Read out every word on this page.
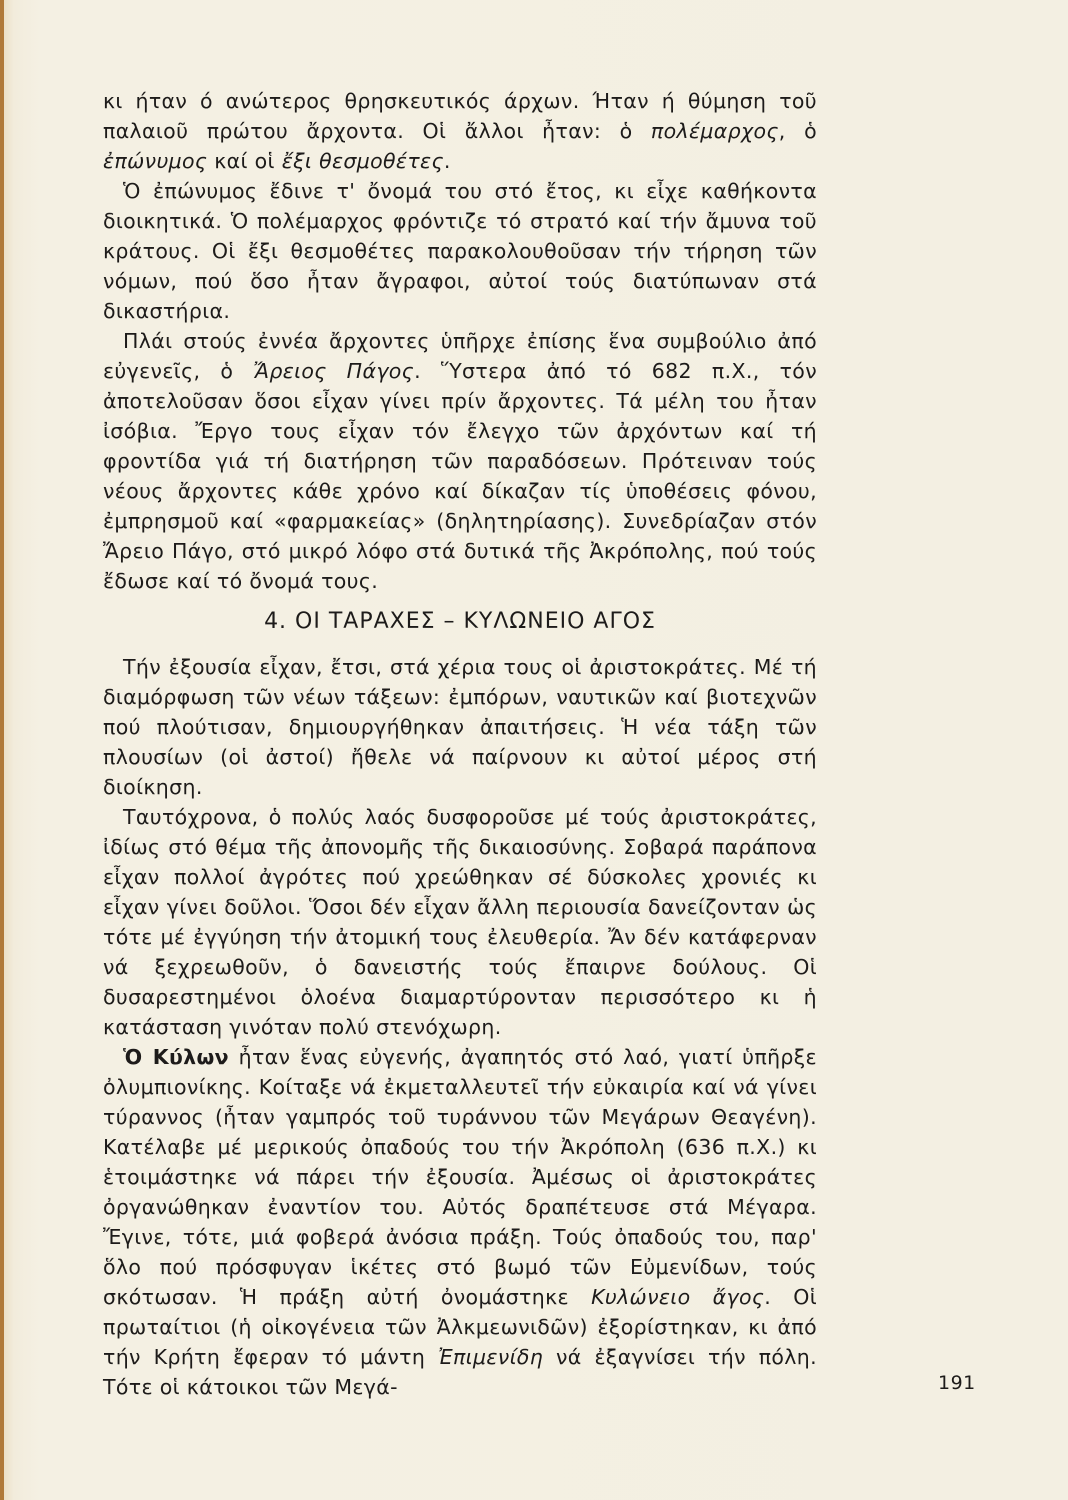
κι ήταν ό ανώτερος θρησκευτικός άρχων. Ήταν ή θύμηση τοῦ παλαιοῦ πρώτου ἄρχοντα. Οἱ ἄλλοι ἦταν: ὁ πολέμαρχος, ὁ ἐπώνυμος καί οἱ ἔξι θεσμοθέτες.

Ὁ ἐπώνυμος ἔδινε τ' ὄνομά του στό ἔτος, κι εἶχε καθήκοντα διοικητικά. Ὁ πολέμαρχος φρόντιζε τό στρατό καί τήν ἄμυνα τοῦ κράτους. Οἱ ἔξι θεσμοθέτες παρακολουθοῦσαν τήν τήρηση τῶν νόμων, πού ὅσο ἦταν ἄγραφοι, αὐτοί τούς διατύπωναν στά δικαστήρια.

Πλάι στούς ἐννέα ἄρχοντες ὑπῆρχε ἐπίσης ἕνα συμβούλιο ἀπό εὐγενεῖς, ὁ Ἄρειος Πάγος. Ὕστερα ἀπό τό 682 π.Χ., τόν ἀποτελοῦσαν ὅσοι εἶχαν γίνει πρίν ἄρχοντες. Τά μέλη του ἦταν ἰσόβια. Ἔργο τους εἶχαν τόν ἔλεγχο τῶν ἀρχόντων καί τή φροντίδα γιά τή διατήρηση τῶν παραδόσεων. Πρότειναν τούς νέους ἄρχοντες κάθε χρόνο καί δίκαζαν τίς ὑποθέσεις φόνου, ἐμπρησμοῦ καί «φαρμακείας» (δηλητηρίασης). Συνεδρίαζαν στόν Ἄρειο Πάγο, στό μικρό λόφο στά δυτικά τῆς Ἀκρόπολης, πού τούς ἔδωσε καί τό ὄνομά τους.

4. ΟΙ ΤΑΡΑΧΕΣ – ΚΥΛΩΝΕΙΟ ΑΓΟΣ

Τήν ἐξουσία εἶχαν, ἔτσι, στά χέρια τους οἱ ἀριστοκράτες. Μέ τή διαμόρφωση τῶν νέων τάξεων: ἐμπόρων, ναυτικῶν καί βιοτεχνῶν πού πλούτισαν, δημιουργήθηκαν ἀπαιτήσεις. Ἡ νέα τάξη τῶν πλουσίων (οἱ ἀστοί) ἤθελε νά παίρνουν κι αὐτοί μέρος στή διοίκηση.

Ταυτόχρονα, ὁ πολύς λαός δυσφοροῦσε μέ τούς ἀριστοκράτες, ἰδίως στό θέμα τῆς ἀπονομῆς τῆς δικαιοσύνης. Σοβαρά παράπονα εἶχαν πολλοί ἀγρότες πού χρεώθηκαν σέ δύσκολες χρονιές κι εἶχαν γίνει δοῦλοι. Ὅσοι δέν εἶχαν ἄλλη περιουσία δανείζονταν ὡς τότε μέ ἐγγύηση τήν ἀτομική τους ἐλευθερία. Ἄν δέν κατάφερναν νά ξεχρεωθοῦν, ὁ δανειστής τούς ἔπαιρνε δούλους. Οἱ δυσαρεστημένοι ὁλοένα διαμαρτύρονταν περισσότερο κι ἡ κατάσταση γινόταν πολύ στενόχωρη.

Ὁ Κύλων ἦταν ἕνας εὐγενής, ἀγαπητός στό λαό, γιατί ὑπῆρξε ὀλυμπιονίκης. Κοίταξε νά ἐκμεταλλευτεῖ τήν εὐκαιρία καί νά γίνει τύραννος (ἦταν γαμπρός τοῦ τυράννου τῶν Μεγάρων Θεαγένη). Κατέλαβε μέ μερικούς ὀπαδούς του τήν Ἀκρόπολη (636 π.Χ.) κι ἑτοιμάστηκε νά πάρει τήν ἐξουσία. Ἀμέσως οἱ ἀριστοκράτες ὀργανώθηκαν ἐναντίον του. Αὐτός δραπέτευσε στά Μέγαρα. Ἔγινε, τότε, μιά φοβερά ἀνόσια πράξη. Τούς ὀπαδούς του, παρ' ὅλο πού πρόσφυγαν ἱκέτες στό βωμό τῶν Εὐμενίδων, τούς σκότωσαν. Ἡ πράξη αὐτή ὀνομάστηκε Κυλώνειο ἄγος. Οἱ πρωταίτιοι (ἡ οἰκογένεια τῶν Ἀλκμεωνιδῶν) ἐξορίστηκαν, κι ἀπό τήν Κρήτη ἔφεραν τό μάντη Ἐπιμενίδη νά ἐξαγνίσει τήν πόλη. Τότε οἱ κάτοικοι τῶν Μεγά-	191
